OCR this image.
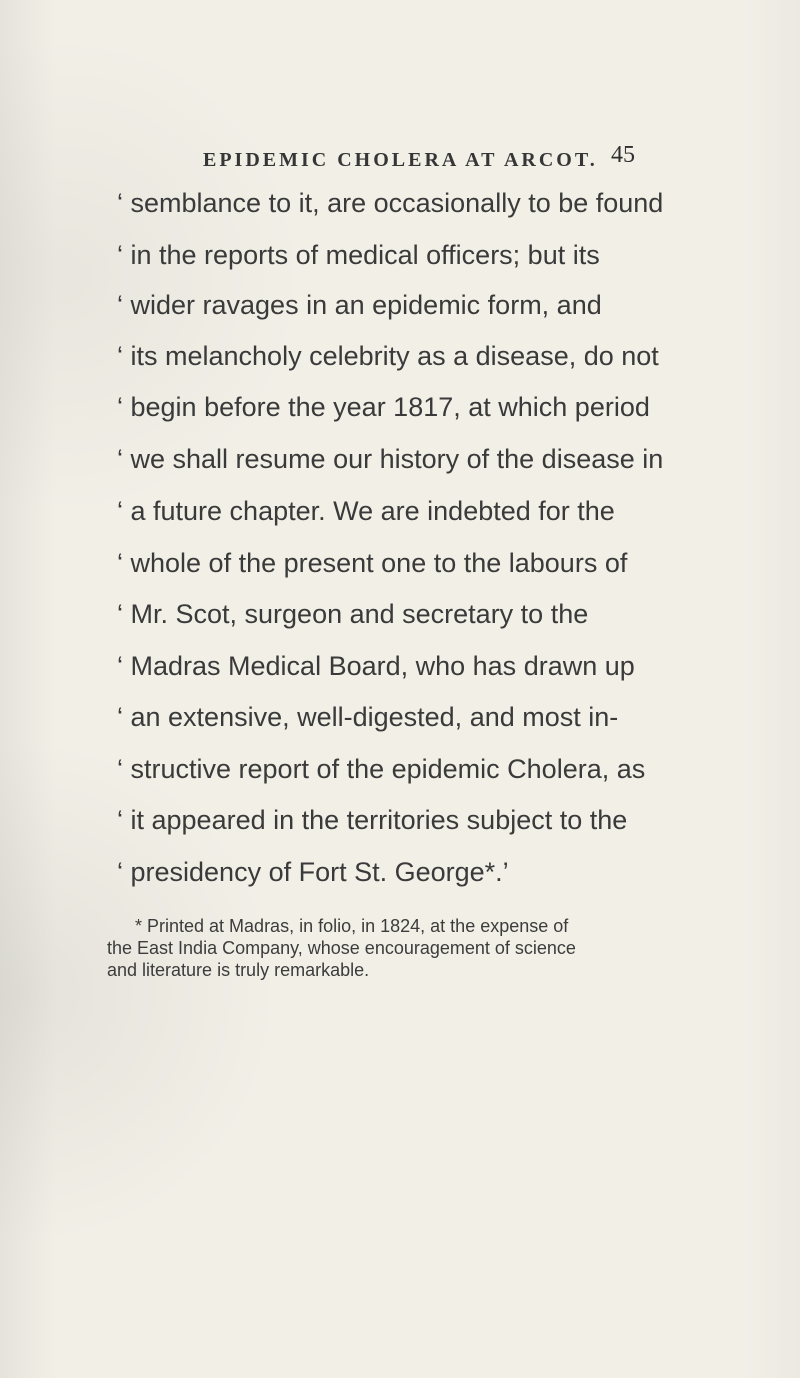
EPIDEMIC CHOLERA AT ARCOT. 45
‘ semblance to it, are occasionally to be found
‘ in the reports of medical officers; but its
‘ wider ravages in an epidemic form, and
‘ its melancholy celebrity as a disease, do not
‘ begin before the year 1817, at which period
‘ we shall resume our history of the disease in
‘ a future chapter. We are indebted for the
‘ whole of the present one to the labours of
‘ Mr. Scot, surgeon and secretary to the
‘ Madras Medical Board, who has drawn up
‘ an extensive, well-digested, and most in-
‘ structive report of the epidemic Cholera, as
‘ it appeared in the territories subject to the
‘ presidency of Fort St. George*.’
* Printed at Madras, in folio, in 1824, at the expense of
the East India Company, whose encouragement of science
and literature is truly remarkable.
